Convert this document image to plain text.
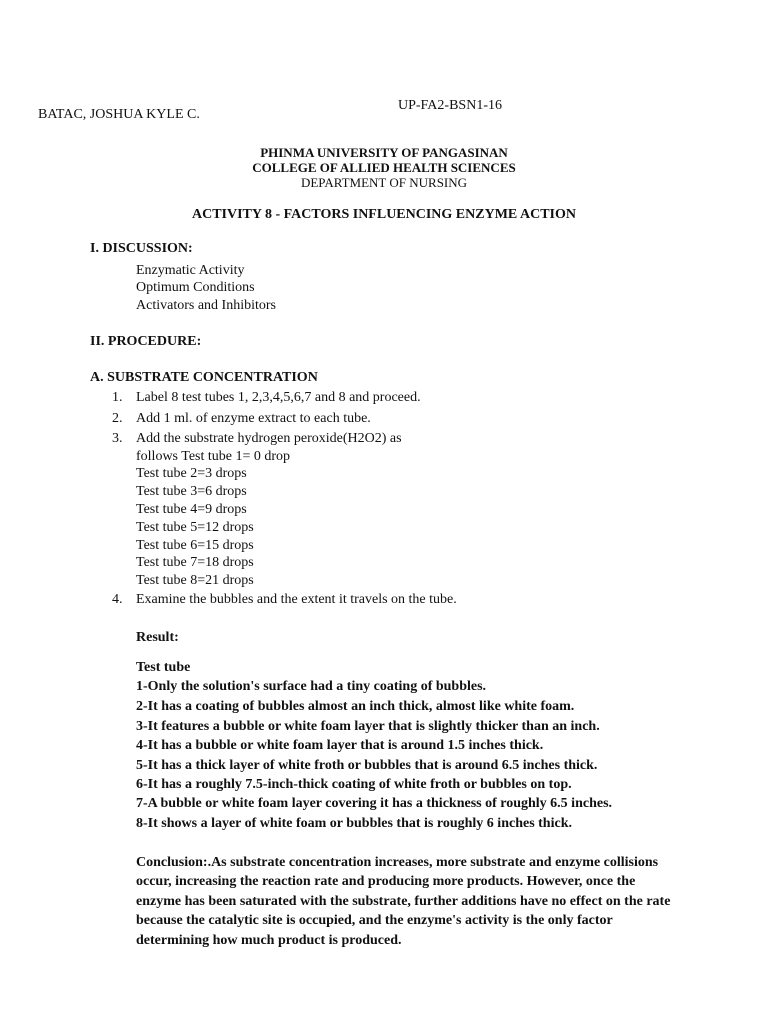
BATAC, JOSHUA KYLE C.
UP-FA2-BSN1-16
PHINMA UNIVERSITY OF PANGASINAN
COLLEGE OF ALLIED HEALTH SCIENCES
DEPARTMENT OF NURSING
ACTIVITY 8 - FACTORS INFLUENCING ENZYME ACTION
I. DISCUSSION:
Enzymatic Activity
Optimum Conditions
Activators and Inhibitors
II. PROCEDURE:
A. SUBSTRATE CONCENTRATION
1. Label 8 test tubes 1, 2,3,4,5,6,7 and 8 and proceed.
2. Add 1 ml. of enzyme extract to each tube.
3. Add the substrate hydrogen peroxide(H2O2) as
4. Examine the bubbles and the extent it travels on the tube.
follows Test tube 1= 0 drop
Test tube 2=3 drops
Test tube 3=6 drops
Test tube 4=9 drops
Test tube 5=12 drops
Test tube 6=15 drops
Test tube 7=18 drops
Test tube 8=21 drops
Result:
Test tube
1-Only the solution's surface had a tiny coating of bubbles.
2-It has a coating of bubbles almost an inch thick, almost like white foam.
3-It features a bubble or white foam layer that is slightly thicker than an inch.
4-It has a bubble or white foam layer that is around 1.5 inches thick.
5-It has a thick layer of white froth or bubbles that is around 6.5 inches thick.
6-It has a roughly 7.5-inch-thick coating of white froth or bubbles on top.
7-A bubble or white foam layer covering it has a thickness of roughly 6.5 inches.
8-It shows a layer of white foam or bubbles that is roughly 6 inches thick.
Conclusion:.As substrate concentration increases, more substrate and enzyme collisions
occur, increasing the reaction rate and producing more products. However, once the
enzyme has been saturated with the substrate, further additions have no effect on the rate
because the catalytic site is occupied, and the enzyme's activity is the only factor
determining how much product is produced.
